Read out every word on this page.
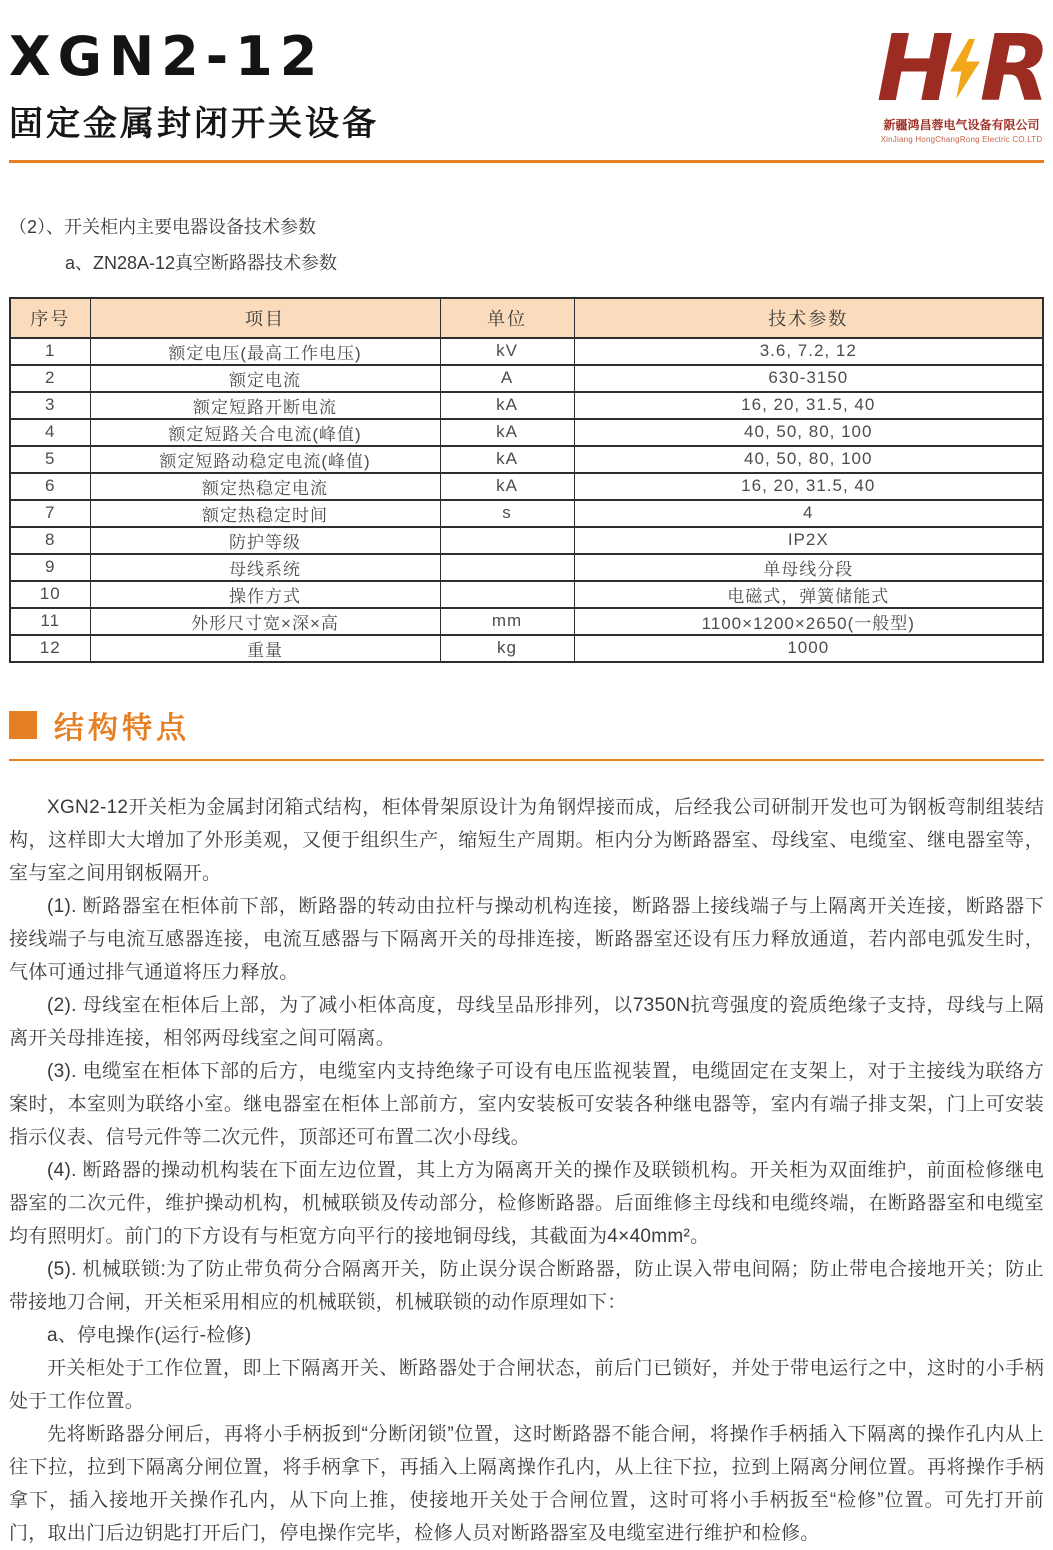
XGN2-12
固定金属封闭开关设备
H R
新疆鸿昌蓉电气设备有限公司
XinJiang HongChangRong Electric CO.LTD
（2）、开关柜内主要电器设备技术参数
a、ZN28A-12真空断路器技术参数
序号	项目	单位	技术参数
1	额定电压(最高工作电压)	kV	3.6, 7.2, 12
2	额定电流	A	630-3150
3	额定短路开断电流	kA	16, 20, 31.5, 40
4	额定短路关合电流(峰值)	kA	40, 50, 80, 100
5	额定短路动稳定电流(峰值)	kA	40, 50, 80, 100
6	额定热稳定电流	kA	16, 20, 31.5, 40
7	额定热稳定时间	s	4
8	防护等级		IP2X
9	母线系统		单母线分段
10	操作方式		电磁式，弹簧储能式
11	外形尺寸宽×深×高	mm	1100×1200×2650(一般型)
12	重量	kg	1000
结构特点

XGN2-12开关柜为金属封闭箱式结构，柜体骨架原设计为角钢焊接而成，后经我公司研制开发也可为钢板弯制组装结构，这样即大大增加了外形美观，又便于组织生产，缩短生产周期。柜内分为断路器室、母线室、电缆室、继电器室等，室与室之间用钢板隔开。

(1). 断路器室在柜体前下部，断路器的转动由拉杆与操动机构连接，断路器上接线端子与上隔离开关连接，断路器下接线端子与电流互感器连接，电流互感器与下隔离开关的母排连接，断路器室还设有压力释放通道，若内部电弧发生时，气体可通过排气通道将压力释放。

(2). 母线室在柜体后上部，为了减小柜体高度，母线呈品形排列，以7350N抗弯强度的瓷质绝缘子支持，母线与上隔离开关母排连接，相邻两母线室之间可隔离。

(3). 电缆室在柜体下部的后方，电缆室内支持绝缘子可设有电压监视装置，电缆固定在支架上，对于主接线为联络方案时，本室则为联络小室。继电器室在柜体上部前方，室内安装板可安装各种继电器等，室内有端子排支架，门上可安装指示仪表、信号元件等二次元件，顶部还可布置二次小母线。

(4). 断路器的操动机构装在下面左边位置，其上方为隔离开关的操作及联锁机构。开关柜为双面维护，前面检修继电器室的二次元件，维护操动机构，机械联锁及传动部分，检修断路器。后面维修主母线和电缆终端，在断路器室和电缆室均有照明灯。前门的下方设有与柜宽方向平行的接地铜母线，其截面为4×40mm²。

(5). 机械联锁:为了防止带负荷分合隔离开关，防止误分误合断路器，防止误入带电间隔；防止带电合接地开关；防止带接地刀合闸，开关柜采用相应的机械联锁，机械联锁的动作原理如下：

a、停电操作(运行-检修)

开关柜处于工作位置，即上下隔离开关、断路器处于合闸状态，前后门已锁好，并处于带电运行之中，这时的小手柄处于工作位置。

先将断路器分闸后，再将小手柄扳到“分断闭锁”位置，这时断路器不能合闸，将操作手柄插入下隔离的操作孔内从上往下拉，拉到下隔离分闸位置，将手柄拿下，再插入上隔离操作孔内，从上往下拉，拉到上隔离分闸位置。再将操作手柄拿下，插入接地开关操作孔内，从下向上推，使接地开关处于合闸位置，这时可将小手柄扳至“检修”位置。可先打开前门，取出门后边钥匙打开后门，停电操作完毕，检修人员对断路器室及电缆室进行维护和检修。
